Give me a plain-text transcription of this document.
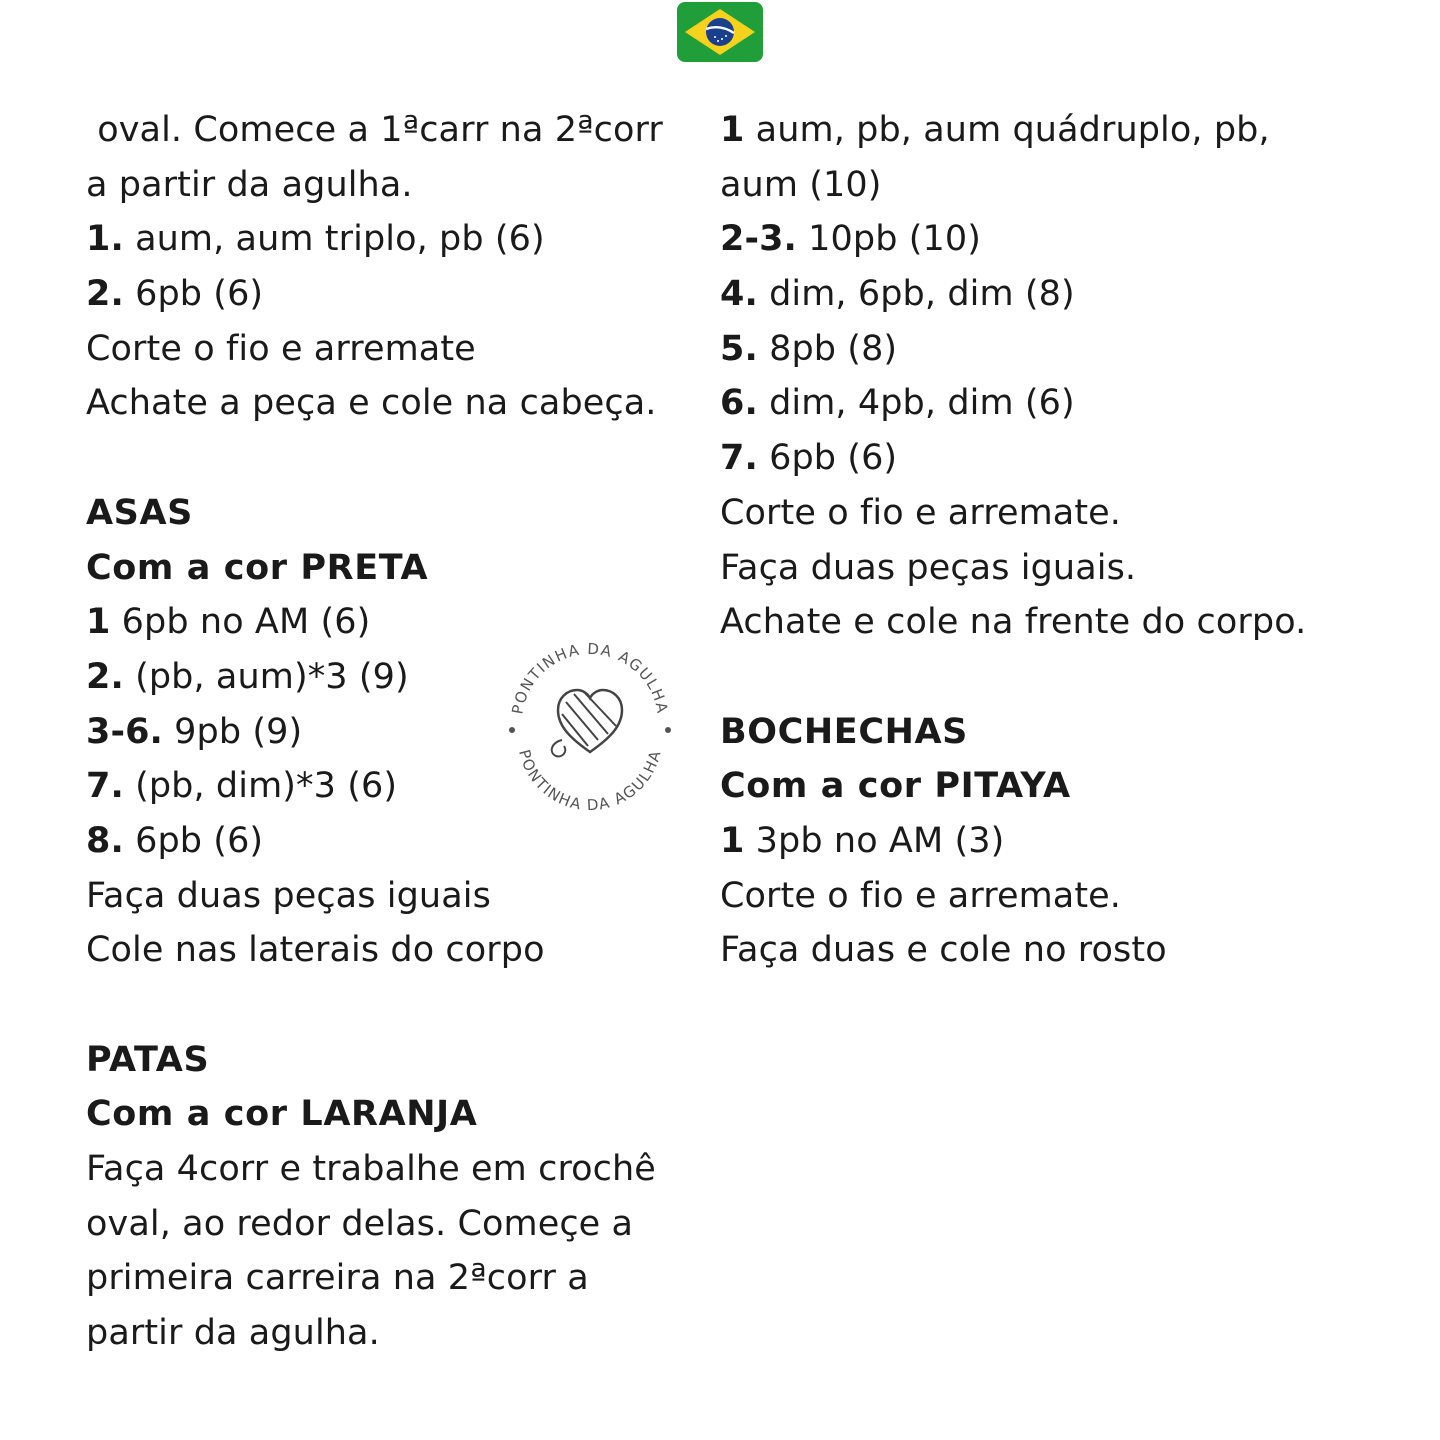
oval. Comece a 1ªcarr na 2ªcorr
a partir da agulha.
1. aum, aum triplo, pb (6)
2. 6pb (6)
Corte o fio e arremate
Achate a peça e cole na cabeça.
ASAS
Com a cor PRETA
1 6pb no AM (6)
2. (pb, aum)*3 (9)
3-6. 9pb (9)
7. (pb, dim)*3 (6)
8. 6pb (6)
Faça duas peças iguais
Cole nas laterais do corpo
PATAS
Com a cor LARANJA
Faça 4corr e trabalhe em crochê
oval, ao redor delas. Começe a
primeira carreira na 2ªcorr a
partir da agulha.
1 aum, pb, aum quádruplo, pb,
aum (10)
2-3. 10pb (10)
4. dim, 6pb, dim (8)
5. 8pb (8)
6. dim, 4pb, dim (6)
7. 6pb (6)
Corte o fio e arremate.
Faça duas peças iguais.
Achate e cole na frente do corpo.
BOCHECHAS
Com a cor PITAYA
1 3pb no AM (3)
Corte o fio e arremate.
Faça duas e cole no rosto
PONTINHA DA AGULHA
PONTINHA DA AGULHA
